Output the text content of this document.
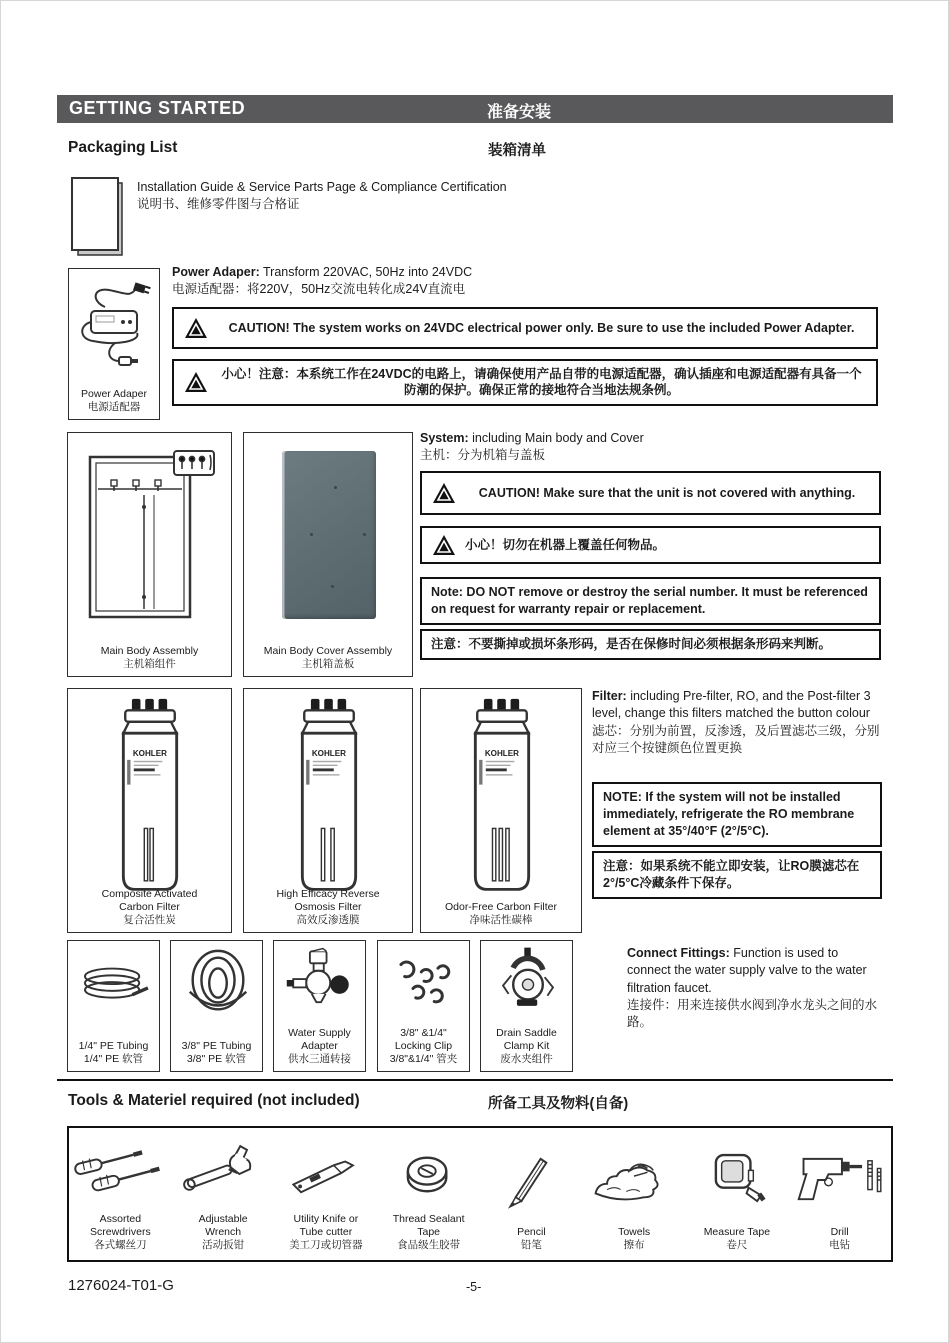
GETTING STARTED	准备安装
Packaging List	装箱清单
Installation Guide & Service Parts Page & Compliance Certification
说明书、维修零件图与合格证
Power Adaper
电源适配器
Power Adaper: Transform 220VAC, 50Hz into 24VDC
电源适配器：将220V，50Hz交流电转化成24V直流电
CAUTION! The system works on 24VDC electrical power only. Be sure to use the included Power Adapter.
小心！注意：本系统工作在24VDC的电路上，请确保使用产品自带的电源适配器，确认插座和电源适配器有具备一个防潮的保护。确保正常的接地符合当地法规条例。
Main Body Assembly
主机箱组件
Main Body Cover Assembly
主机箱盖板
System: including Main body and Cover
主机：分为机箱与盖板
CAUTION! Make sure that the unit is not covered with anything.
小心！切勿在机器上覆盖任何物品。
Note: DO NOT remove or destroy the serial number. It must be referenced on request for warranty repair or replacement.
注意：不要撕掉或损坏条形码，是否在保修时间必须根据条形码来判断。
KOHLER
Composite Activated Carbon Filter
复合活性炭
KOHLER
High Efficacy Reverse Osmosis Filter
高效反渗透膜
KOHLER
Odor-Free Carbon Filter
净味活性碳棒
Filter: including Pre-filter, RO, and the Post-filter 3 level, change this filters matched the button colour
滤芯：分别为前置，反渗透，及后置滤芯三级，分别对应三个按键颜色位置更换
NOTE: If the system will not be installed immediately, refrigerate the RO membrane element at 35°/40°F (2°/5°C).
注意：如果系统不能立即安装，让RO膜滤芯在2°/5°C冷藏条件下保存。
1/4" PE Tubing
1/4" PE 软管
3/8" PE Tubing
3/8" PE 软管
Water Supply Adapter
供水三通转接
3/8" &1/4" Locking Clip
3/8"&1/4" 管夹
Drain Saddle Clamp Kit
废水夹组件
Connect Fittings: Function is used to connect the water supply valve to the water filtration faucet.
连接件：用来连接供水阀到净水龙头之间的水路。
Tools & Materiel required (not included)	所备工具及物料(自备)
Assorted Screwdrivers
各式螺丝刀
Adjustable Wrench
活动扳钳
Utility Knife or Tube cutter
美工刀或切管器
Thread Sealant Tape
食品级生胶带
Pencil
铅笔
Towels
擦布
Measure Tape
卷尺
Drill
电钻
1276024-T01-G	-5-
